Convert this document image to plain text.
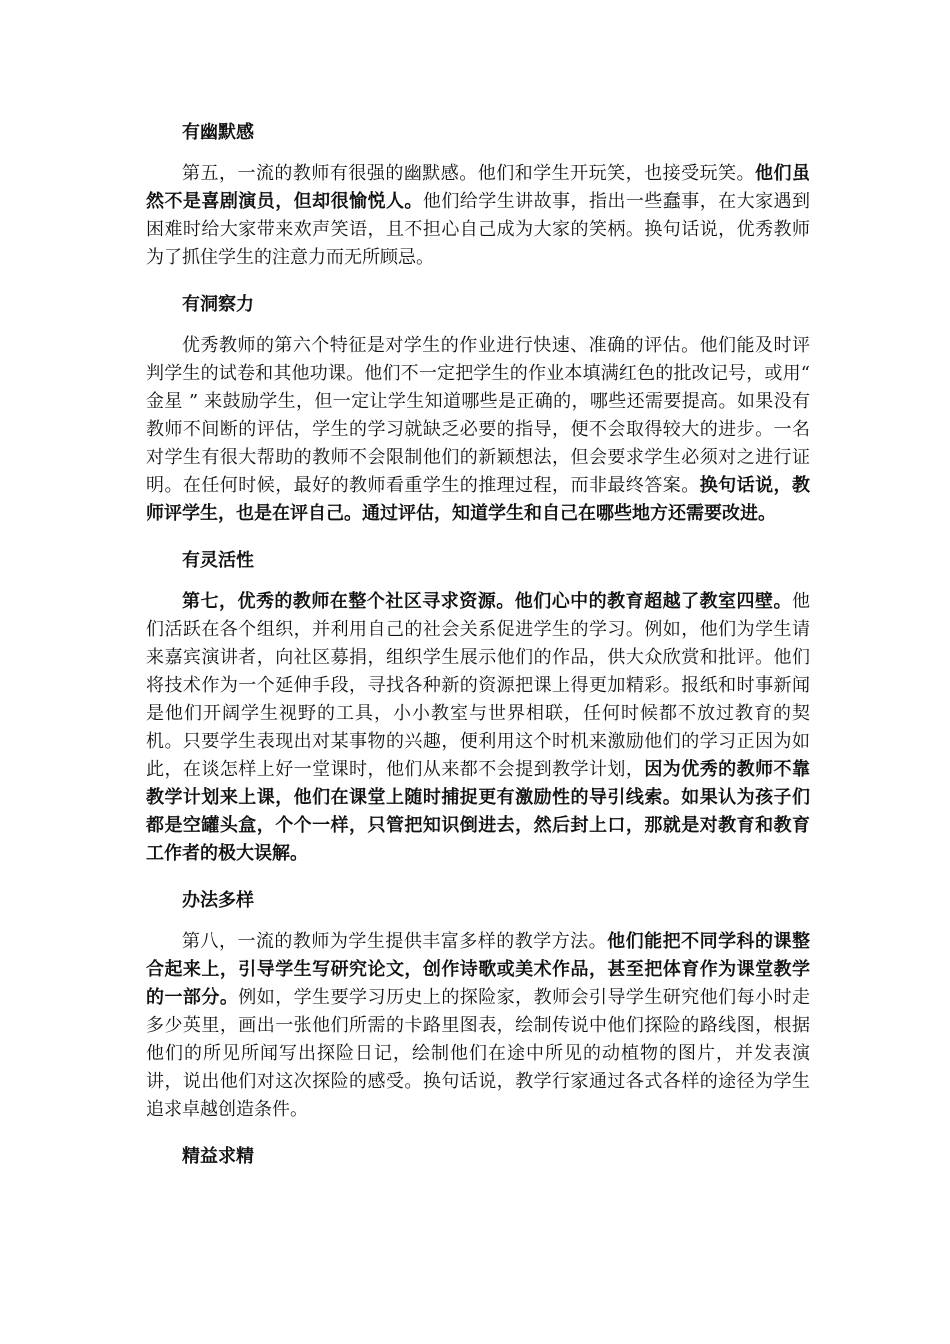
有幽默感

第五，一流的教师有很强的幽默感。他们和学生开玩笑，也接受玩笑。他们虽然不是喜剧演员，但却很愉悦人。他们给学生讲故事，指出一些蠢事，在大家遇到困难时给大家带来欢声笑语，且不担心自己成为大家的笑柄。换句话说，优秀教师为了抓住学生的注意力而无所顾忌。

有洞察力

优秀教师的第六个特征是对学生的作业进行快速、准确的评估。他们能及时评判学生的试卷和其他功课。他们不一定把学生的作业本填满红色的批改记号，或用“ 金星 ” 来鼓励学生，但一定让学生知道哪些是正确的，哪些还需要提高。如果没有教师不间断的评估，学生的学习就缺乏必要的指导，便不会取得较大的进步。一名对学生有很大帮助的教师不会限制他们的新颖想法，但会要求学生必须对之进行证明。在任何时候，最好的教师看重学生的推理过程，而非最终答案。换句话说，教师评学生，也是在评自己。通过评估，知道学生和自己在哪些地方还需要改进。

有灵活性

第七，优秀的教师在整个社区寻求资源。他们心中的教育超越了教室四壁。他们活跃在各个组织，并利用自己的社会关系促进学生的学习。例如，他们为学生请来嘉宾演讲者，向社区募捐，组织学生展示他们的作品，供大众欣赏和批评。他们将技术作为一个延伸手段，寻找各种新的资源把课上得更加精彩。报纸和时事新闻是他们开阔学生视野的工具，小小教室与世界相联，任何时候都不放过教育的契机。只要学生表现出对某事物的兴趣，便利用这个时机来激励他们的学习正因为如此，在谈怎样上好一堂课时，他们从来都不会提到教学计划，因为优秀的教师不靠教学计划来上课，他们在课堂上随时捕捉更有激励性的导引线索。如果认为孩子们都是空罐头盒，个个一样，只管把知识倒进去，然后封上口，那就是对教育和教育工作者的极大误解。

办法多样

第八，一流的教师为学生提供丰富多样的教学方法。他们能把不同学科的课整合起来上，引导学生写研究论文，创作诗歌或美术作品，甚至把体育作为课堂教学的一部分。例如，学生要学习历史上的探险家，教师会引导学生研究他们每小时走多少英里，画出一张他们所需的卡路里图表，绘制传说中他们探险的路线图，根据他们的所见所闻写出探险日记，绘制他们在途中所见的动植物的图片，并发表演讲，说出他们对这次探险的感受。换句话说，教学行家通过各式各样的途径为学生追求卓越创造条件。

精益求精
